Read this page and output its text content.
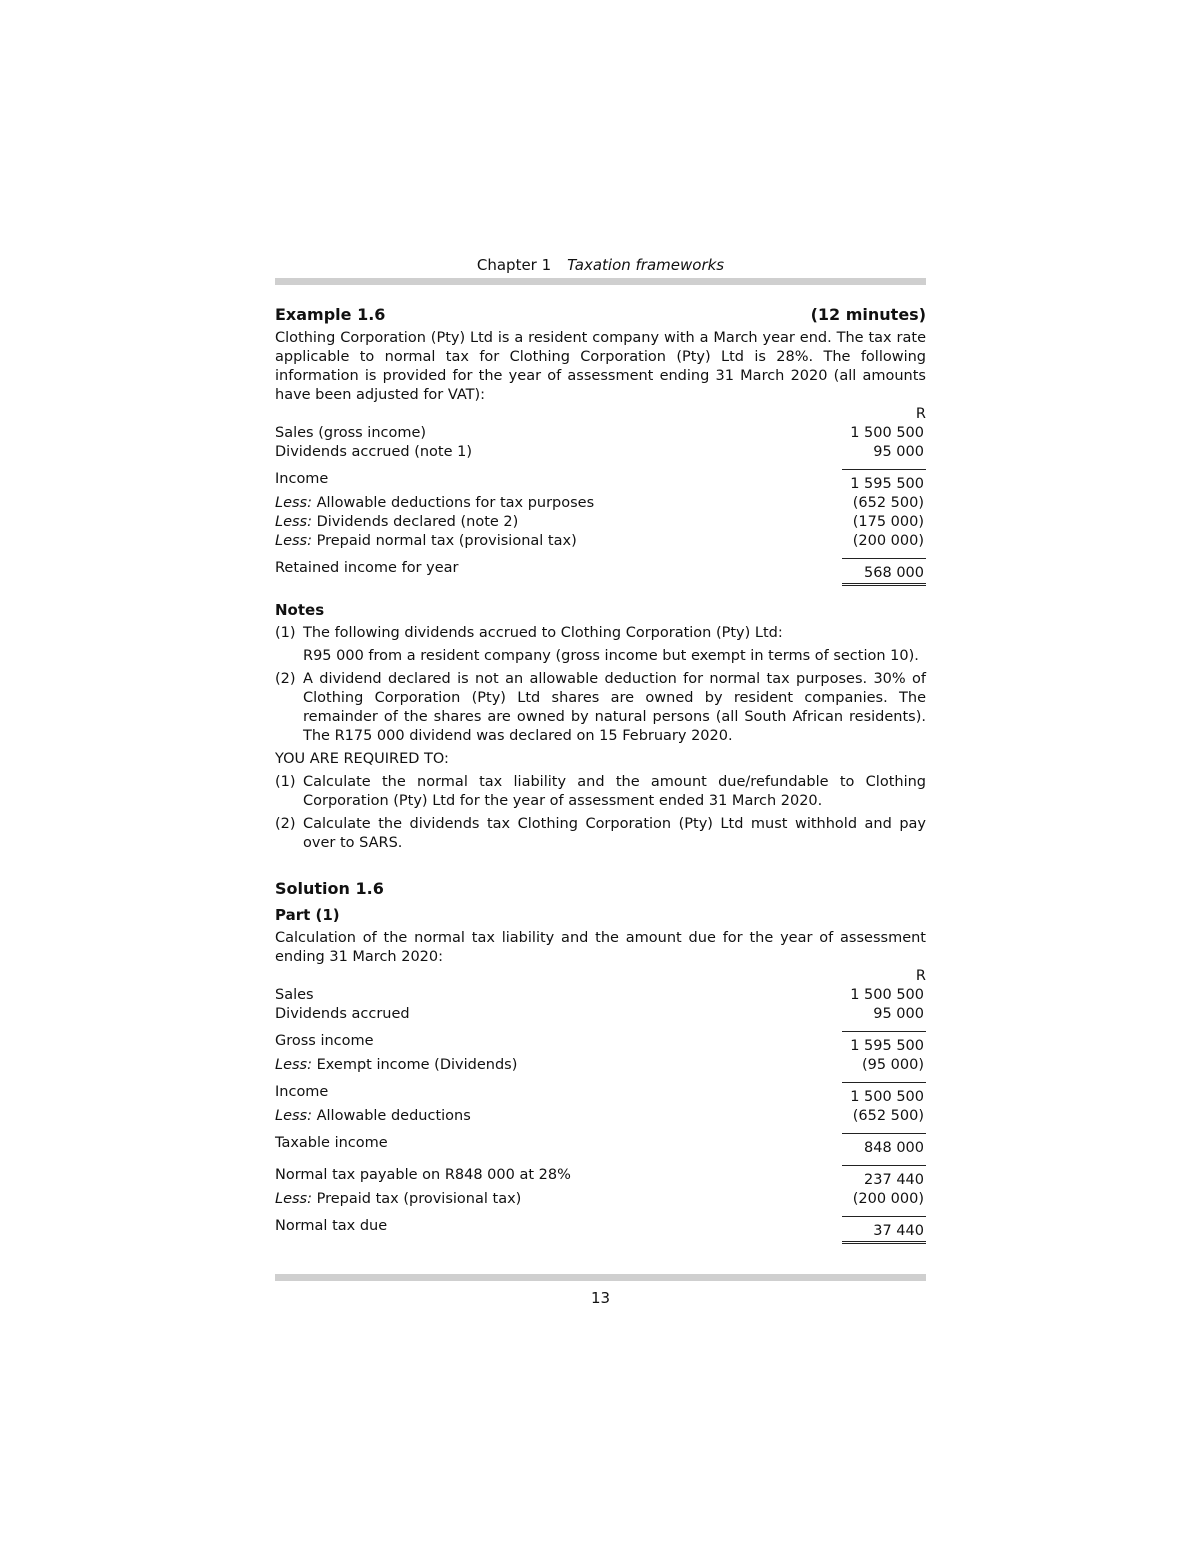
Chapter 1 Taxation frameworks
Example 1.6	(12 minutes)

Clothing Corporation (Pty) Ltd is a resident company with a March year end. The tax rate applicable to normal tax for Clothing Corporation (Pty) Ltd is 28%. The following information is provided for the year of assessment ending 31 March 2020 (all amounts have been adjusted for VAT):

	R
Sales (gross income)	1 500 500
Dividends accrued (note 1)	95 000

Income	1 595 500
Less: Allowable deductions for tax purposes	(652 500)
Less: Dividends declared (note 2)	(175 000)
Less: Prepaid normal tax (provisional tax)	(200 000)

Retained income for year	568 000
Notes
(1) The following dividends accrued to Clothing Corporation (Pty) Ltd:
R95 000 from a resident company (gross income but exempt in terms of section 10).
(2) A dividend declared is not an allowable deduction for normal tax purposes. 30% of Clothing Corporation (Pty) Ltd shares are owned by resident companies. The remainder of the shares are owned by natural persons (all South African residents). The R175 000 dividend was declared on 15 February 2020.

YOU ARE REQUIRED TO:

(1) Calculate the normal tax liability and the amount due/refundable to Clothing Corporation (Pty) Ltd for the year of assessment ended 31 March 2020.
(2) Calculate the dividends tax Clothing Corporation (Pty) Ltd must withhold and pay over to SARS.
Solution 1.6
Part (1)

Calculation of the normal tax liability and the amount due for the year of assessment ending 31 March 2020:

	R
Sales	1 500 500
Dividends accrued	95 000

Gross income	1 595 500
Less: Exempt income (Dividends)	(95 000)

Income	1 500 500
Less: Allowable deductions	(652 500)

Taxable income	848 000

Normal tax payable on R848 000 at 28%	237 440
Less: Prepaid tax (provisional tax)	(200 000)

Normal tax due	37 440
13
